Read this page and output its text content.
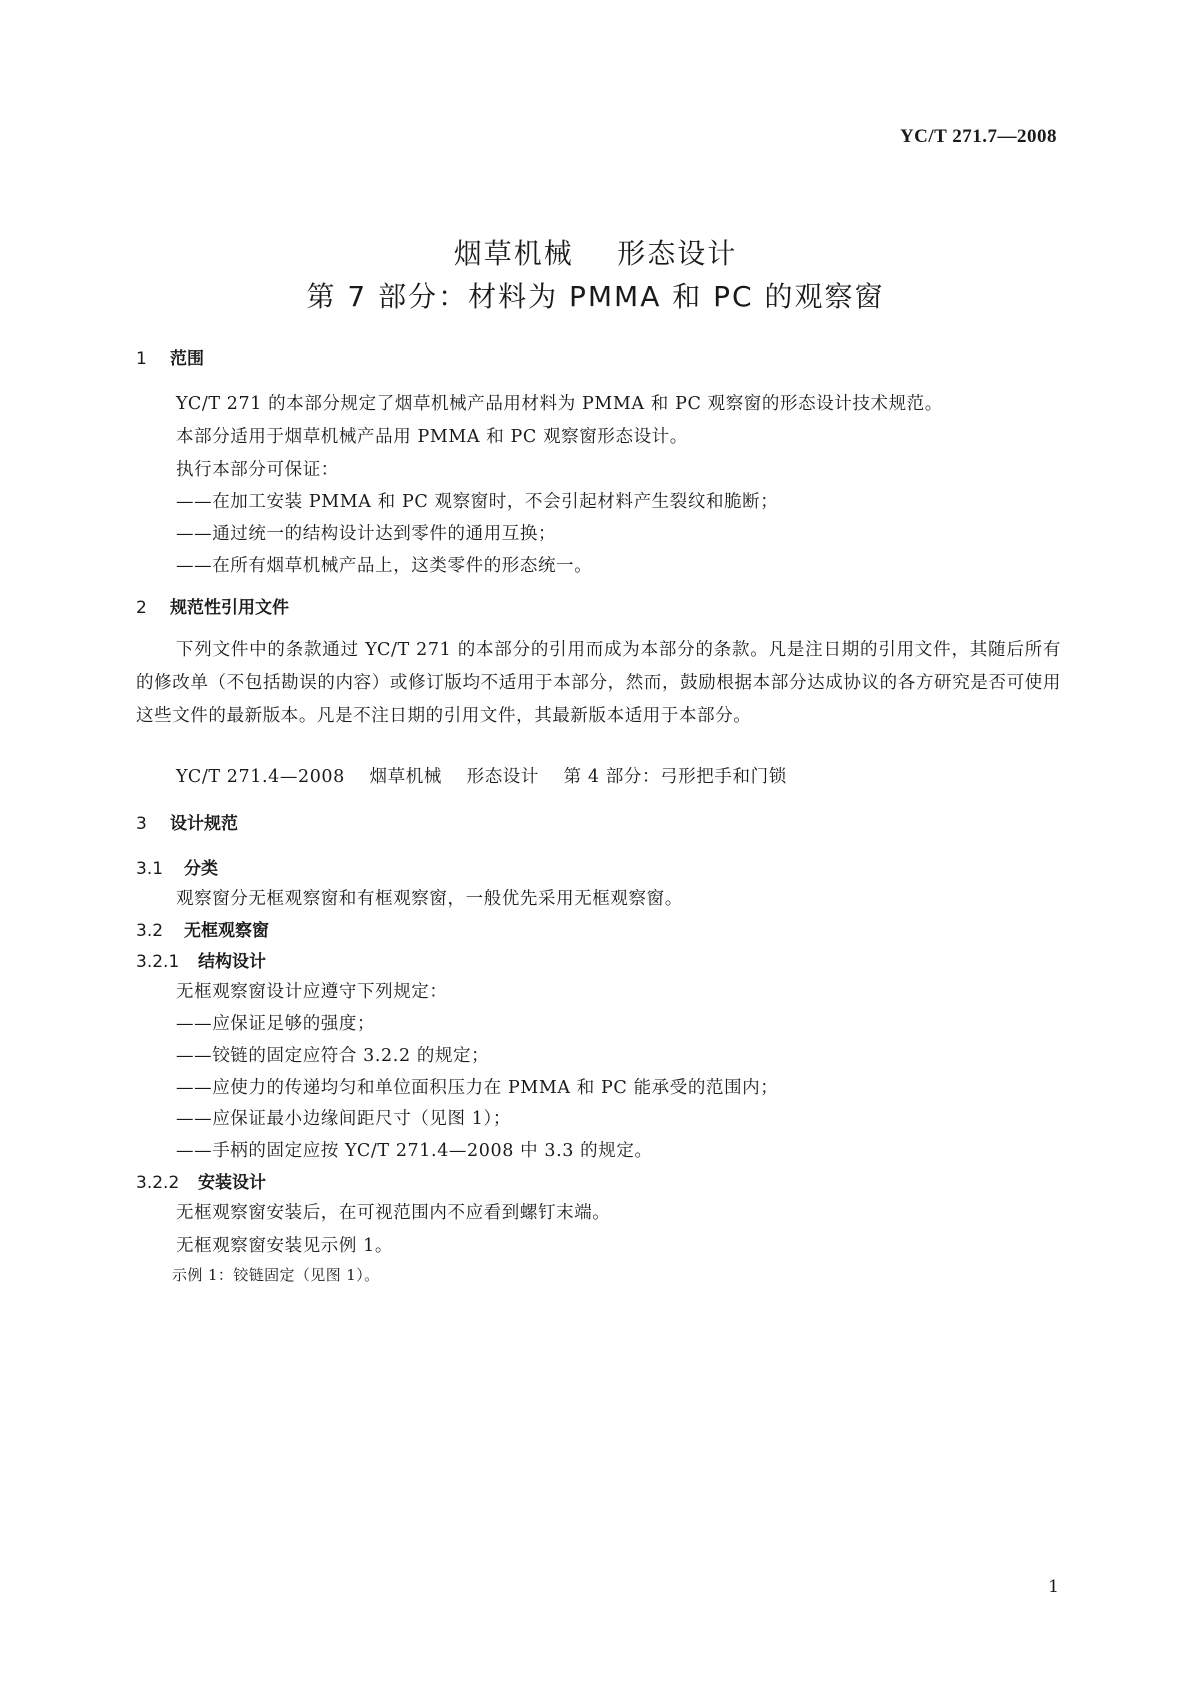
YC/T 271.7—2008
烟草机械    形态设计
第 7 部分：材料为 PMMA 和 PC 的观察窗
1 范围
YC/T 271 的本部分规定了烟草机械产品用材料为 PMMA 和 PC 观察窗的形态设计技术规范。
本部分适用于烟草机械产品用 PMMA 和 PC 观察窗形态设计。
执行本部分可保证：
——在加工安装 PMMA 和 PC 观察窗时，不会引起材料产生裂纹和脆断；
——通过统一的结构设计达到零件的通用互换；
——在所有烟草机械产品上，这类零件的形态统一。
2 规范性引用文件
下列文件中的条款通过 YC/T 271 的本部分的引用而成为本部分的条款。凡是注日期的引用文件，其随后所有的修改单（不包括勘误的内容）或修订版均不适用于本部分，然而，鼓励根据本部分达成协议的各方研究是否可使用这些文件的最新版本。凡是不注日期的引用文件，其最新版本适用于本部分。
YC/T 271.4—2008    烟草机械    形态设计    第 4 部分：弓形把手和门锁
3 设计规范
3.1 分类
观察窗分无框观察窗和有框观察窗，一般优先采用无框观察窗。
3.2 无框观察窗
3.2.1 结构设计
无框观察窗设计应遵守下列规定：
——应保证足够的强度；
——铰链的固定应符合 3.2.2 的规定；
——应使力的传递均匀和单位面积压力在 PMMA 和 PC 能承受的范围内；
——应保证最小边缘间距尺寸（见图 1）；
——手柄的固定应按 YC/T 271.4—2008 中 3.3 的规定。
3.2.2 安装设计
无框观察窗安装后，在可视范围内不应看到螺钉末端。
无框观察窗安装见示例 1。
示例 1：铰链固定（见图 1）。
1
